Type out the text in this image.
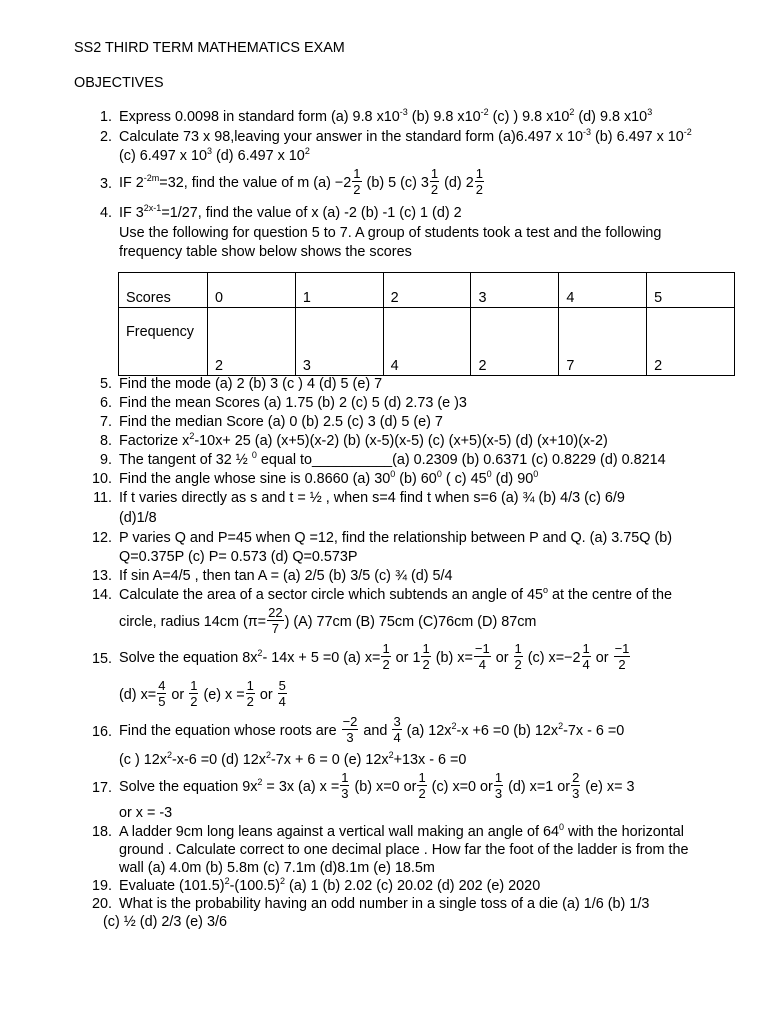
SS2 THIRD TERM MATHEMATICS EXAM
OBJECTIVES
1. Express 0.0098 in standard form (a) 9.8 $x10^{-3}$ (b) 9.8 $x10^{-2}$ (c) ) 9.8 $x10^2$ (d) 9.8 $x10^3$
2. Calculate 73 x 98,leaving your answer in the standard form (a)6.497 x $10^{-3}$ (b) 6.497 x $10^{-2}$
(c) 6.497 x $10^3$ (d) 6.497 x $10^2$
3. IF $2^{-2m}=32$, find the value of m $(a) -2 \frac{1}{2} (b)$ 5 (c) $3 \frac{1}{2} (d)$ $2 \frac{1}{2}$
4. IF $3^{2x-1}=1/27$, find the value of x (a) -2 (b) -1 (c) 1 (d) 2
Use the following for question 5 to 7. A group of students took a test and the following
frequency table show below shows the scores
Scores	0	1	2	3	4	5
Frequency	2	3	4	2	7	2
5. Find the mode (a) 2 (b) 3 (c ) 4 (d) 5 (e) 7
6. Find the mean Scores (a) 1.75 (b) 2 (c) 5 (d) 2.73 (e )3
7. Find the median Score (a) 0 (b) 2.5 (c) 3 (d) 5 (e) 7
8. Factorize $x^2-10x+ 25$ (a) (x+5)(x-2) (b) (x-5)(x-5) (c) (x+5)(x-5) (d) (x+10)(x-2)
9. The tangent of 32 ½ $^0$ equal to__________(a) 0.2309 (b) 0.6371 (c) 0.8229 (d) 0.8214
10. Find the angle whose sine is 0.8660 (a) $30^0$ (b) $60^0$ ( c) $45^0$ (d) $90^0$
11. If t varies directly as s and t = ½ , when s=4 find t when s=6 (a) ¾ (b) 4/3 (c) 6/9
(d)1/8
12. P varies Q and P=45 when Q =12, find the relationship between P and Q. (a) 3.75Q (b)
Q=0.375P (c) P= 0.573 (d) Q=0.573P
13. If sin A=4/5 , then tan A = (a) 2/5 (b) 3/5 (c) ¾ (d) 5/4
14. Calculate the area of a sector circle which subtends an angle of 45$^o$ at the centre of the
circle, radius 14cm ($\pi= \frac{22}{7}$ ) (A) 77cm (B) 75cm (C)76cm (D) 87cm
15. Solve the equation $8x^2-$ 14x + 5 =0 (a) $x= \frac{1}{2}$ or $1 \frac{1}{2} (b)$ $x= \frac{-1}{4}$ or $\frac{1}{2} (c)$ $x=-2 \frac{1}{4}$ or $\frac{-1}{2}$
(d) $x= \frac{4}{5}$ or $\frac{1}{2} (e) x = \frac{1}{2}$ or $\frac{5}{4}$
16. Find the equation whose roots are $\frac{-2}{3}$ and $\frac{3}{4} (a)$ $12x^2-x +6 =0$ (b) $12x^2-7x - 6 =0$
(c ) $12x^2-x-6 =0$ (d) $12x^2-7x + 6 = 0$ (e) $12x^2+13x - 6 =0$
17. Solve the equation $9x^2 = 3x$ (a) $x = \frac{1}{3} (b)$ x=0 or $\frac{1}{2} (c)$ x=0 or $\frac{1}{3} (d)$ x=1 or $\frac{2}{3} (e)$ x= 3
or x = -3
18. A ladder 9cm long leans against a vertical wall making an angle of $64^0$ with the horizontal
ground . Calculate correct to one decimal place . How far the foot of the ladder is from the
wall (a) 4.0m (b) 5.8m (c) 7.1m (d)8.1m (e) 18.5m
19. Evaluate $(101.5)^2-(100.5)^2$ (a) 1 (b) 2.02 (c) 20.02 (d) 202 (e) 2020
20. What is the probability having an odd number in a single toss of a die (a) 1/6 (b) 1/3
(c) ½ (d) 2/3 (e) 3/6
